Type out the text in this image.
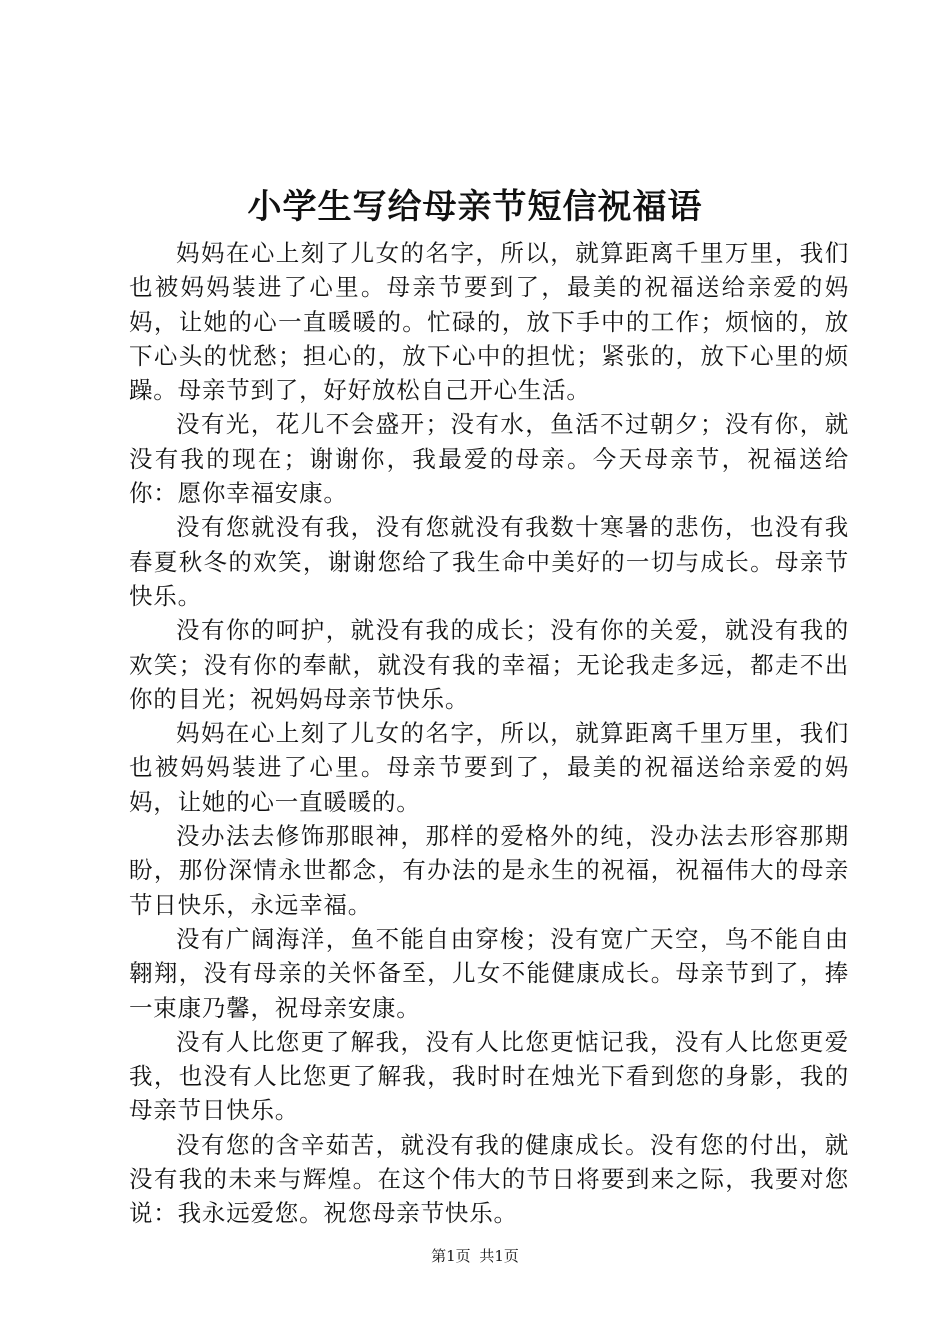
小学生写给母亲节短信祝福语

妈妈在心上刻了儿女的名字，所以，就算距离千里万里，我们也被妈妈装进了心里。母亲节要到了，最美的祝福送给亲爱的妈妈，让她的心一直暖暖的。忙碌的，放下手中的工作；烦恼的，放下心头的忧愁；担心的，放下心中的担忧；紧张的，放下心里的烦躁。母亲节到了，好好放松自己开心生活。

没有光，花儿不会盛开；没有水，鱼活不过朝夕；没有你，就没有我的现在；谢谢你，我最爱的母亲。今天母亲节，祝福送给你：愿你幸福安康。

没有您就没有我，没有您就没有我数十寒暑的悲伤，也没有我春夏秋冬的欢笑，谢谢您给了我生命中美好的一切与成长。母亲节快乐。

没有你的呵护，就没有我的成长；没有你的关爱，就没有我的欢笑；没有你的奉献，就没有我的幸福；无论我走多远，都走不出你的目光；祝妈妈母亲节快乐。

妈妈在心上刻了儿女的名字，所以，就算距离千里万里，我们也被妈妈装进了心里。母亲节要到了，最美的祝福送给亲爱的妈妈，让她的心一直暖暖的。

没办法去修饰那眼神，那样的爱格外的纯，没办法去形容那期盼，那份深情永世都念，有办法的是永生的祝福，祝福伟大的母亲节日快乐，永远幸福。

没有广阔海洋，鱼不能自由穿梭；没有宽广天空，鸟不能自由翱翔，没有母亲的关怀备至，儿女不能健康成长。母亲节到了，捧一束康乃馨，祝母亲安康。

没有人比您更了解我，没有人比您更惦记我，没有人比您更爱我，也没有人比您更了解我，我时时在烛光下看到您的身影，我的母亲节日快乐。

没有您的含辛茹苦，就没有我的健康成长。没有您的付出，就没有我的未来与辉煌。在这个伟大的节日将要到来之际，我要对您说：我永远爱您。祝您母亲节快乐。

第1页 共1页
